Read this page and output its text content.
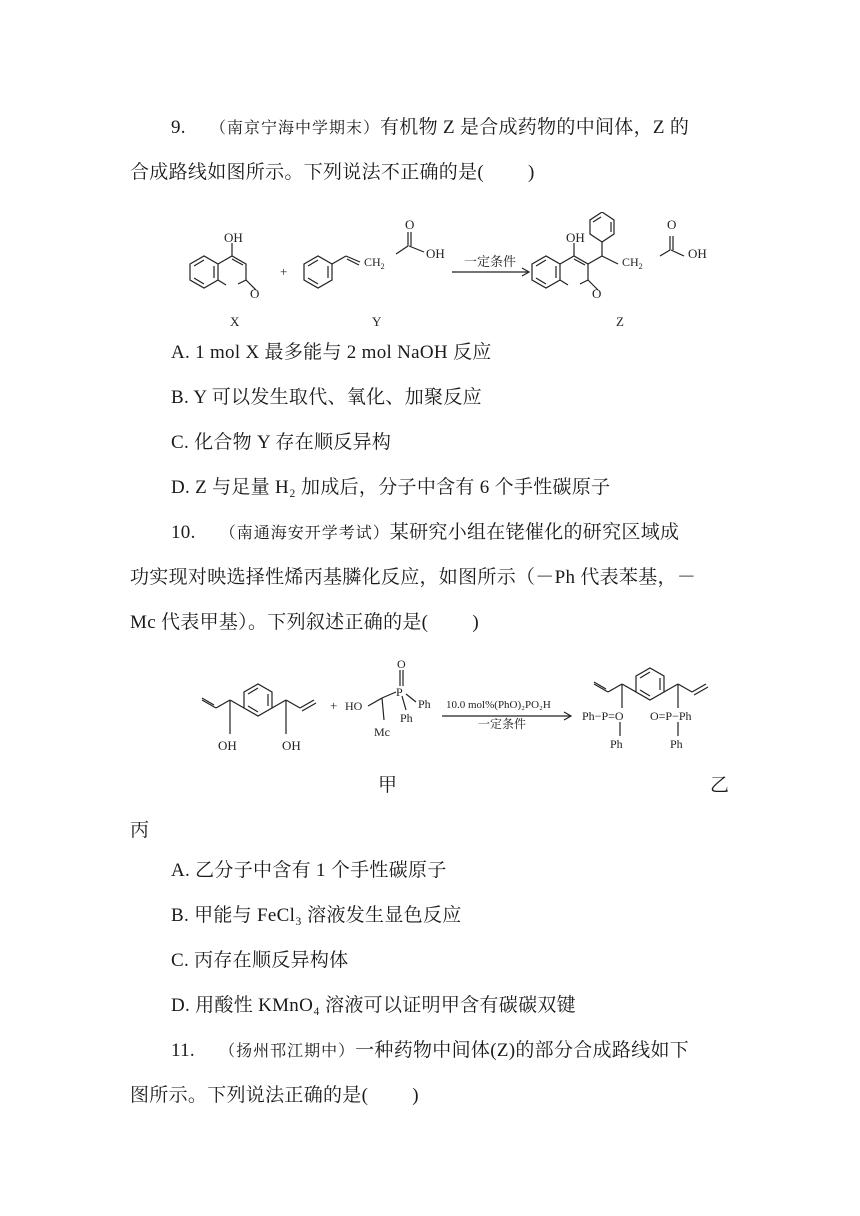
9. （南京宁海中学期末）有机物 Z 是合成药物的中间体，Z 的
合成路线如图所示。下列说法不正确的是( )
OH
O
+
$CH_2$
O
OH
一定条件
OH
O
$CH_2$
O
OH
X	Y	Z
A. 1 mol X 最多能与 2 mol NaOH 反应
B. Y 可以发生取代、氧化、加聚反应
C. 化合物 Y 存在顺反异构
D. Z 与足量 H₂ 加成后，分子中含有 6 个手性碳原子
10. （南通海安开学考试）某研究小组在铑催化的研究区域成
功实现对映选择性烯丙基膦化反应，如图所示（－Ph 代表苯基，－
Mc 代表甲基）。下列叙述正确的是( )
OH	OH
+ HO
P
O
Ph
Ph
Mc
10.0 mol%(PhO)₂PO₂H
一定条件
Ph−P=O O=P−Ph
Ph	Ph
甲	乙
丙
A. 乙分子中含有 1 个手性碳原子
B. 甲能与 FeCl₃ 溶液发生显色反应
C. 丙存在顺反异构体
D. 用酸性 KMnO₄ 溶液可以证明甲含有碳碳双键
11. （扬州邗江期中）一种药物中间体(Z)的部分合成路线如下
图所示。下列说法正确的是( )
